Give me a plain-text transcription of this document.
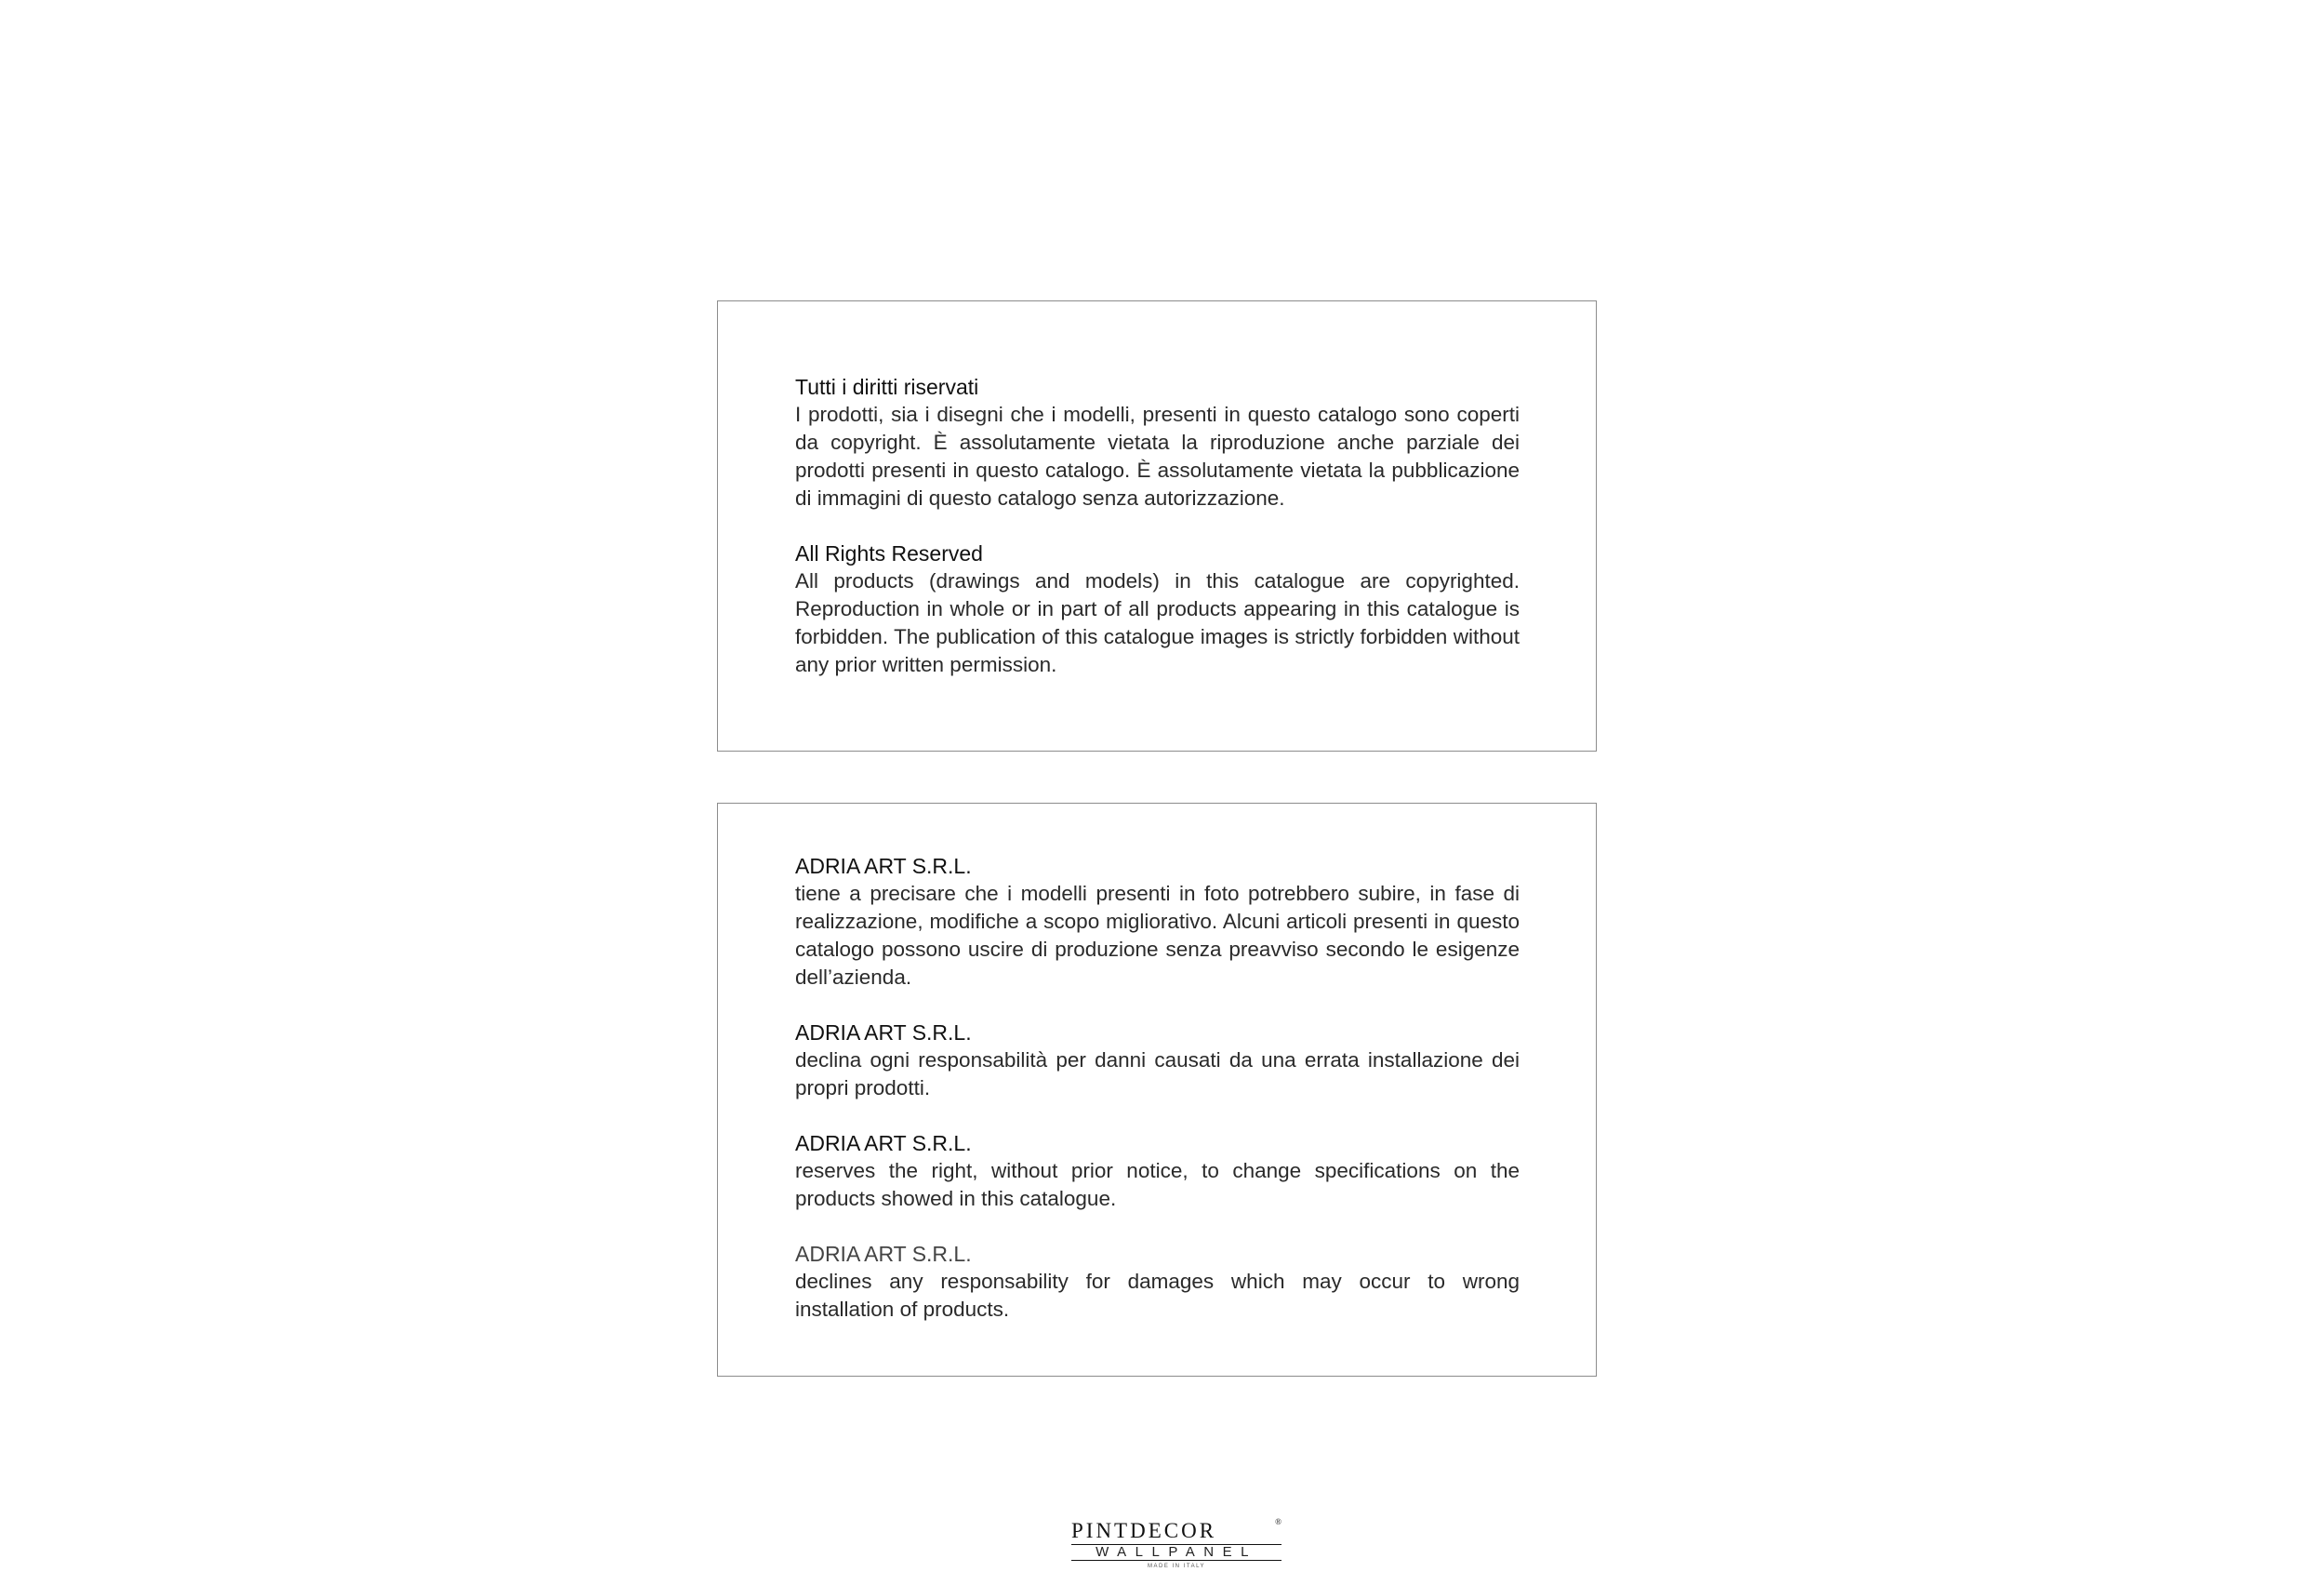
Tutti i diritti riservati

I prodotti, sia i disegni che i modelli, presenti in questo catalogo sono coperti da copyright. È assolutamente vietata la riproduzione anche parziale dei prodotti presenti in questo catalogo. È assolutamente vietata la pubblicazione di immagini di questo catalogo senza autorizzazione.

All Rights Reserved

All products (drawings and models) in this catalogue are copyrighted. Reproduction in whole or in part of all products appearing in this catalogue is forbidden. The publication of this catalogue images is strictly forbidden without any prior written permission.

ADRIA ART S.R.L.

tiene a precisare che i modelli presenti in foto potrebbero subire, in fase di realizzazione, modifiche a scopo migliorativo. Alcuni articoli presenti in questo catalogo possono uscire di produzione senza preavviso secondo le esigenze dell’azienda.

ADRIA ART S.R.L.

declina ogni responsabilità per danni causati da una errata installazione dei propri prodotti.

ADRIA ART S.R.L.

reserves the right, without prior notice, to change specifications on the products showed in this catalogue.

ADRIA ART S.R.L.

declines any responsability for damages which may occur to wrong installation of products.

PINTDECOR	®
WALLPANEL
MADE IN ITALY
